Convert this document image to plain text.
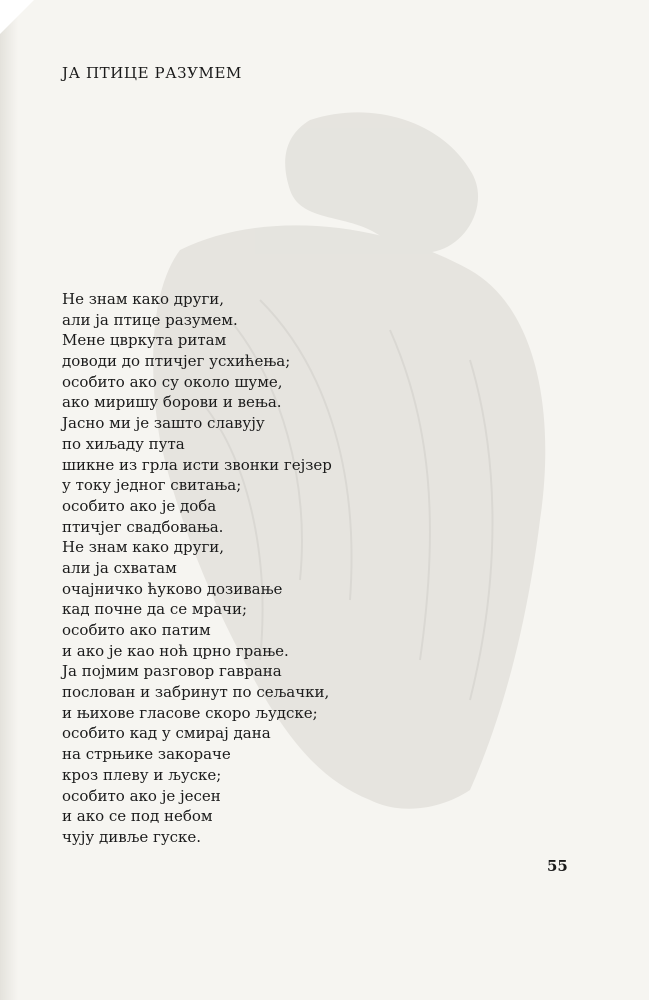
ЈА ПТИЦЕ РАЗУМЕМ
Не знам како други,
али ја птице разумем.
Мене цвркута ритам
доводи до птичјег усхићења;
особито ако су около шуме,
ако миришу борови и вења.
Јасно ми је зашто славују
по хиљаду пута
шикне из грла исти звонки гејзер
у току једног свитања;
особито ако је доба
птичјег свадбовања.
Не знам како други,
али ја схватам
очајничко ћуково дозивање
кад почне да се мрачи;
особито ако патим
и ако је као ноћ црно грање.
Ја појмим разговор гаврана
послован и забринут по сељачки,
и њихове гласове скоро људске;
особито кад у смирај дана
на стрњике закораче
кроз плеву и љуске;
особито ако је јесен
и ако се под небом
чују дивље гуске.
55
